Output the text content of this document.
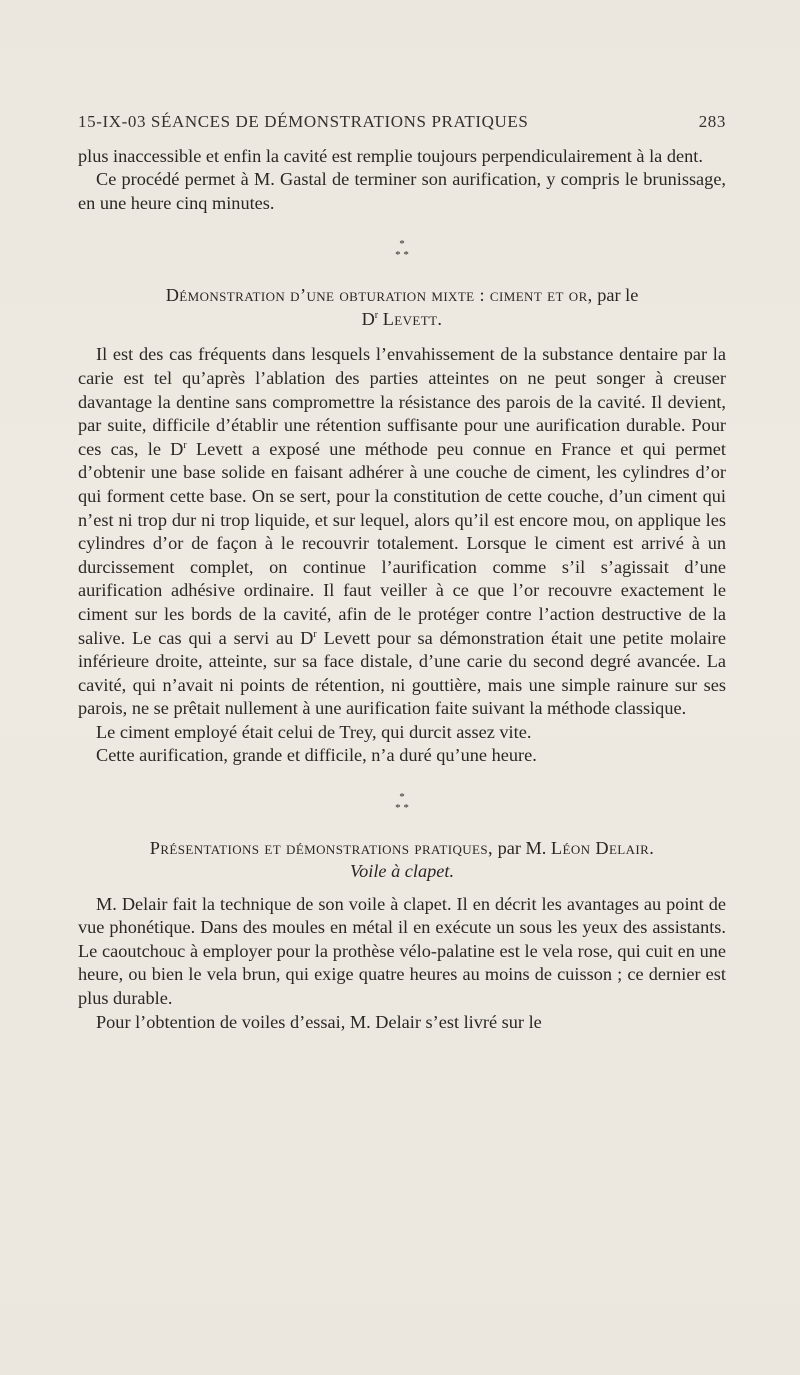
15-IX-03 SÉANCES DE DÉMONSTRATIONS PRATIQUES	283

plus inaccessible et enfin la cavité est remplie toujours perpendiculairement à la dent.

Ce procédé permet à M. Gastal de terminer son aurification, y compris le brunissage, en une heure cinq minutes.

*
* *
Démonstration d’une obturation mixte : ciment et or, par le
$D^r$ Levett.

Il est des cas fréquents dans lesquels l’envahissement de la substance dentaire par la carie est tel qu’après l’ablation des parties atteintes on ne peut songer à creuser davantage la dentine sans compromettre la résistance des parois de la cavité. Il devient, par suite, difficile d’établir une rétention suffisante pour une aurification durable. Pour ces cas, le $D^r$ Levett a exposé une méthode peu connue en France et qui permet d’obtenir une base solide en faisant adhérer à une couche de ciment, les cylindres d’or qui forment cette base. On se sert, pour la constitution de cette couche, d’un ciment qui n’est ni trop dur ni trop liquide, et sur lequel, alors qu’il est encore mou, on applique les cylindres d’or de façon à le recouvrir totalement. Lorsque le ciment est arrivé à un durcissement complet, on continue l’aurification comme s’il s’agissait d’une aurification adhésive ordinaire. Il faut veiller à ce que l’or recouvre exactement le ciment sur les bords de la cavité, afin de le protéger contre l’action destructive de la salive. Le cas qui a servi au $D^r$ Levett pour sa démonstration était une petite molaire inférieure droite, atteinte, sur sa face distale, d’une carie du second degré avancée. La cavité, qui n’avait ni points de rétention, ni gouttière, mais une simple rainure sur ses parois, ne se prêtait nullement à une aurification faite suivant la méthode classique.

Le ciment employé était celui de Trey, qui durcit assez vite.

Cette aurification, grande et difficile, n’a duré qu’une heure.

*
* *
Présentations et démonstrations pratiques, par M. Léon Delair.
Voile à clapet.

M. Delair fait la technique de son voile à clapet. Il en décrit les avantages au point de vue phonétique. Dans des moules en métal il en exécute un sous les yeux des assistants. Le caoutchouc à employer pour la prothèse vélo-palatine est le vela rose, qui cuit en une heure, ou bien le vela brun, qui exige quatre heures au moins de cuisson ; ce dernier est plus durable.

Pour l’obtention de voiles d’essai, M. Delair s’est livré sur le
